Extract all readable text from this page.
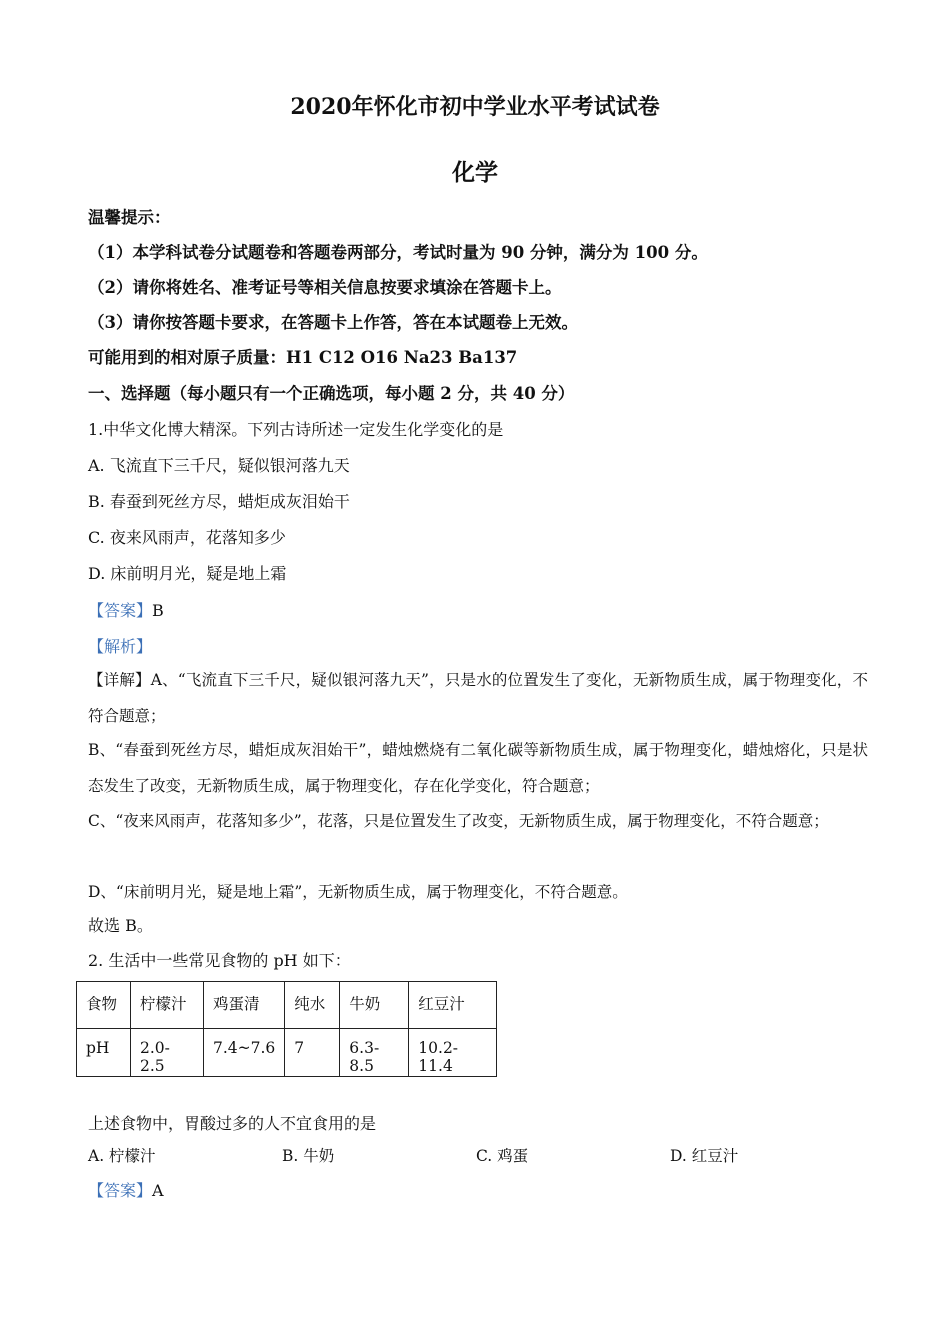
2020年怀化市初中学业水平考试试卷
化学
温馨提示：
（1）本学科试卷分试题卷和答题卷两部分，考试时量为 90 分钟，满分为 100 分。
（2）请你将姓名、准考证号等相关信息按要求填涂在答题卡上。
（3）请你按答题卡要求，在答题卡上作答，答在本试题卷上无效。
可能用到的相对原子质量：H1 C12 O16 Na23 Ba137
一、选择题（每小题只有一个正确选项，每小题 2 分，共 40 分）
1.中华文化博大精深。下列古诗所述一定发生化学变化的是
A. 飞流直下三千尺，疑似银河落九天
B. 春蚕到死丝方尽，蜡炬成灰泪始干
C. 夜来风雨声，花落知多少
D. 床前明月光，疑是地上霜
【答案】B
【解析】
【详解】A、“飞流直下三千尺，疑似银河落九天”，只是水的位置发生了变化，无新物质生成，属于物理变化，不符合题意；
B、“春蚕到死丝方尽，蜡炬成灰泪始干”，蜡烛燃烧有二氧化碳等新物质生成，属于物理变化，蜡烛熔化，只是状态发生了改变，无新物质生成，属于物理变化，存在化学变化，符合题意；
C、“夜来风雨声，花落知多少”，花落，只是位置发生了改变，无新物质生成，属于物理变化，不符合题意；
D、“床前明月光，疑是地上霜”，无新物质生成，属于物理变化，不符合题意。
故选 B。
2. 生活中一些常见食物的 pH 如下：
食物	柠檬汁	鸡蛋清	纯水	牛奶	红豆汁
pH	2.0-2.5	7.4~7.6	7	6.3-8.5	10.2-11.4
上述食物中，胃酸过多的人不宜食用的是
A. 柠檬汁	B. 牛奶	C. 鸡蛋	D. 红豆汁
【答案】A
